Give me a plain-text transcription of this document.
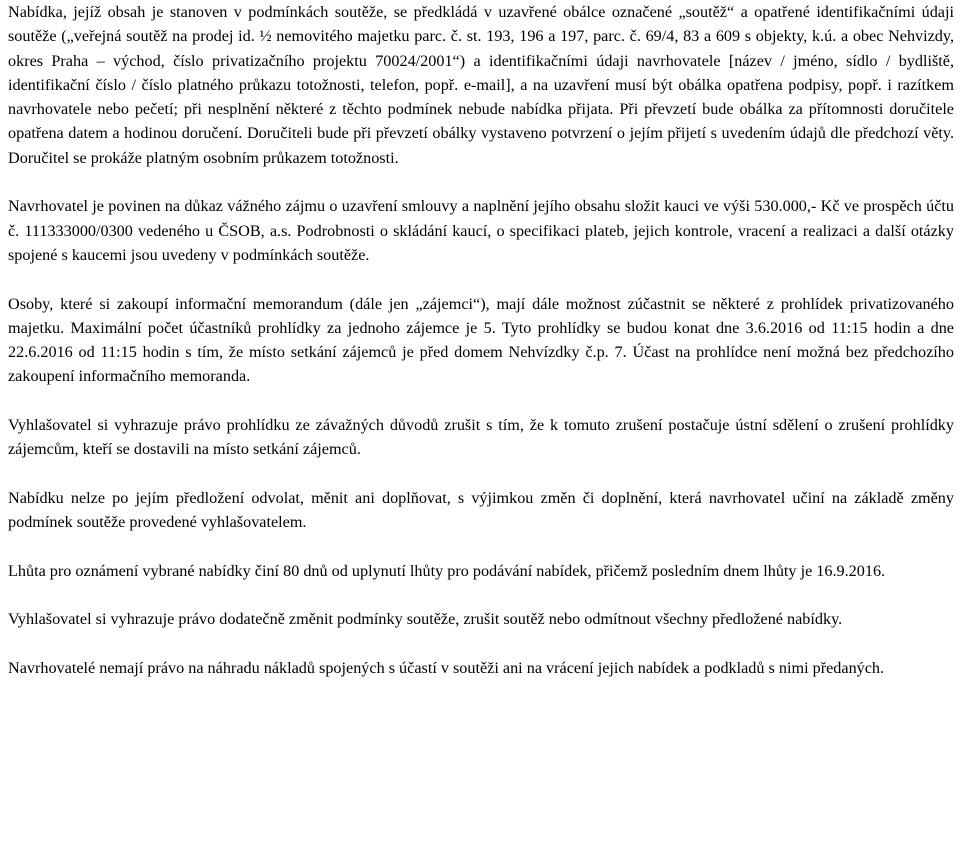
Nabídka, jejíž obsah je stanoven v podmínkách soutěže, se předkládá v uzavřené obálce označené „soutěž“ a opatřené identifikačními údaji soutěže („veřejná soutěž na prodej id. ½ nemovitého majetku parc. č. st. 193, 196 a 197, parc. č. 69/4, 83 a 609 s objekty, k.ú. a obec Nehvizdy, okres Praha – východ, číslo privatizačního projektu 70024/2001“) a identifikačními údaji navrhovatele [název / jméno, sídlo / bydliště, identifikační číslo / číslo platného průkazu totožnosti, telefon, popř. e-mail], a na uzavření musí být obálka opatřena podpisy, popř. i razítkem navrhovatele nebo pečetí; při nesplnění některé z těchto podmínek nebude nabídka přijata. Při převzetí bude obálka za přítomnosti doručitele opatřena datem a hodinou doručení. Doručiteli bude při převzetí obálky vystaveno potvrzení o jejím přijetí s uvedením údajů dle předchozí věty. Doručitel se prokáže platným osobním průkazem totožnosti.

Navrhovatel je povinen na důkaz vážného zájmu o uzavření smlouvy a naplnění jejího obsahu složit kauci ve výši 530.000,- Kč ve prospěch účtu č. 111333000/0300 vedeného u ČSOB, a.s. Podrobnosti o skládání kaucí, o specifikaci plateb, jejich kontrole, vracení a realizaci a další otázky spojené s kaucemi jsou uvedeny v podmínkách soutěže.

Osoby, které si zakoupí informační memorandum (dále jen „zájemci“), mají dále možnost zúčastnit se některé z prohlídek privatizovaného majetku. Maximální počet účastníků prohlídky za jednoho zájemce je 5. Tyto prohlídky se budou konat dne 3.6.2016 od 11:15 hodin a dne 22.6.2016 od 11:15 hodin s tím, že místo setkání zájemců je před domem Nehvízdky č.p. 7. Účast na prohlídce není možná bez předchozího zakoupení informačního memoranda.

Vyhlašovatel si vyhrazuje právo prohlídku ze závažných důvodů zrušit s tím, že k tomuto zrušení postačuje ústní sdělení o zrušení prohlídky zájemcům, kteří se dostavili na místo setkání zájemců.

Nabídku nelze po jejím předložení odvolat, měnit ani doplňovat, s výjimkou změn či doplnění, která navrhovatel učiní na základě změny podmínek soutěže provedené vyhlašovatelem.

Lhůta pro oznámení vybrané nabídky činí 80 dnů od uplynutí lhůty pro podávání nabídek, přičemž posledním dnem lhůty je 16.9.2016.

Vyhlašovatel si vyhrazuje právo dodatečně změnit podmínky soutěže, zrušit soutěž nebo odmítnout všechny předložené nabídky.

Navrhovatelé nemají právo na náhradu nákladů spojených s účastí v soutěži ani na vrácení jejich nabídek a podkladů s nimi předaných.
